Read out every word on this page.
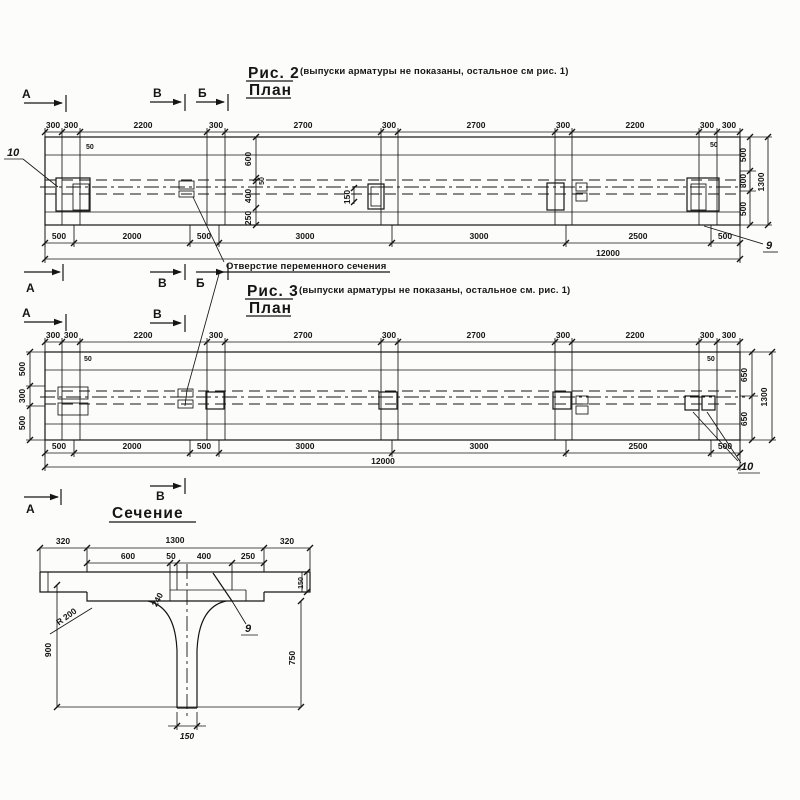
Рис. 2 (выпуски арматуры не показаны, остальное см рис. 1)
План
А	В	Б
300 300	2200	300	2700	300	2700	300	2200	300 300
50	50
600
50
400
250
150
500	2000	500	3000	3000	2500	500
12000
500
300
500
1300
10
9
В Б
А
Отверстие переменного сечения
Рис. 3 (выпуски арматуры не показаны, остальное см. рис. 1)
План
А	В
300 300	2200	300	2700	300	2700	300	2200	300 300
50	50
500
300
500
650
650
1300
500	2000	500	3000	3000	2500	500
12000	10
В
А	Сечение
320	1300	320
600	50 400	250
240
R 200
150
900
750
150
9
